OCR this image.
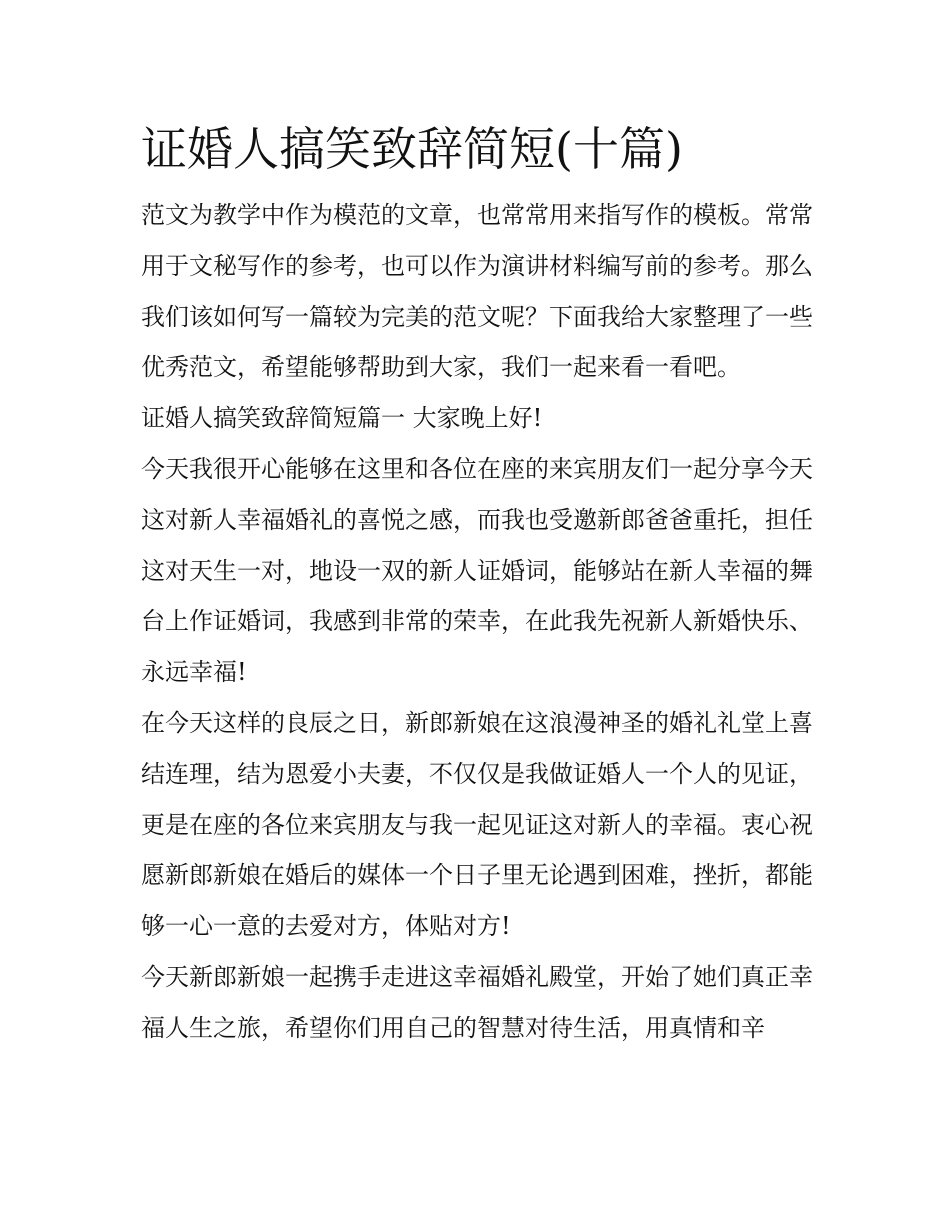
证婚人搞笑致辞简短(十篇)

范文为教学中作为模范的文章，也常常用来指写作的模板。常常用于文秘写作的参考，也可以作为演讲材料编写前的参考。那么我们该如何写一篇较为完美的范文呢？下面我给大家整理了一些优秀范文，希望能够帮助到大家，我们一起来看一看吧。

证婚人搞笑致辞简短篇一 大家晚上好!

今天我很开心能够在这里和各位在座的来宾朋友们一起分享今天这对新人幸福婚礼的喜悦之感，而我也受邀新郎爸爸重托，担任这对天生一对，地设一双的新人证婚词，能够站在新人幸福的舞台上作证婚词，我感到非常的荣幸，在此我先祝新人新婚快乐、永远幸福!

在今天这样的良辰之日，新郎新娘在这浪漫神圣的婚礼礼堂上喜结连理，结为恩爱小夫妻，不仅仅是我做证婚人一个人的见证，更是在座的各位来宾朋友与我一起见证这对新人的幸福。衷心祝愿新郎新娘在婚后的媒体一个日子里无论遇到困难，挫折，都能够一心一意的去爱对方，体贴对方!

今天新郎新娘一起携手走进这幸福婚礼殿堂，开始了她们真正幸福人生之旅，希望你们用自己的智慧对待生活，用真情和辛
